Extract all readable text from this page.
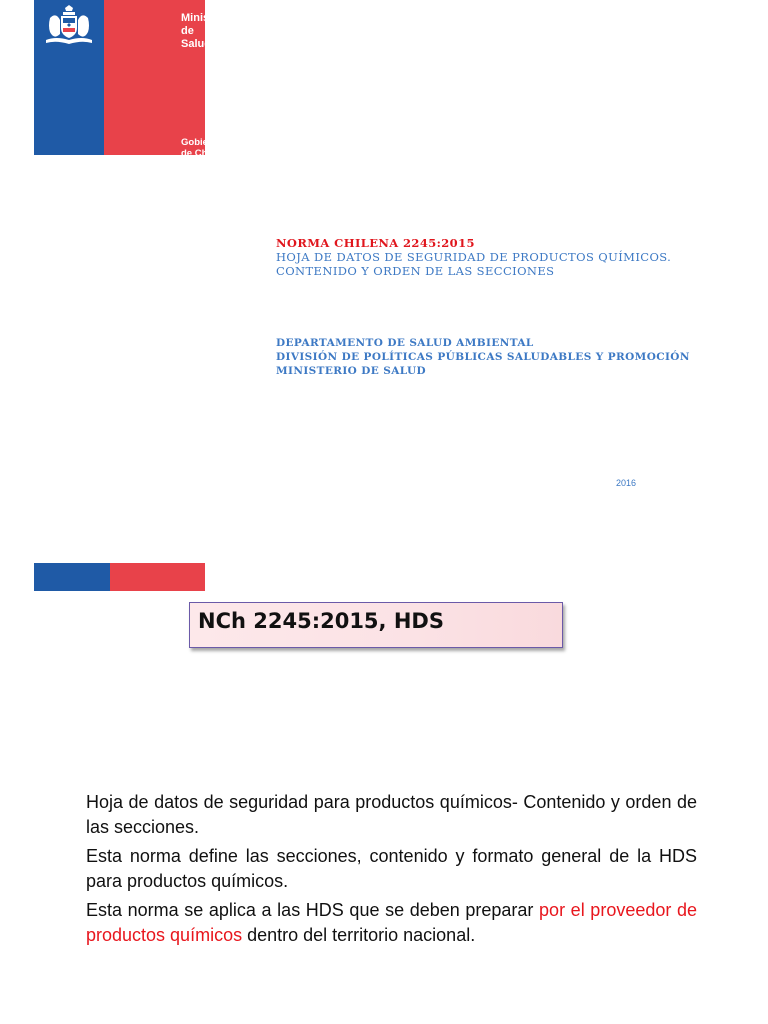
Ministerio de
Salud
Gobierno de Chile
NORMA CHILENA 2245:2015
HOJA DE DATOS DE SEGURIDAD DE PRODUCTOS QUÍMICOS.
CONTENIDO Y ORDEN DE LAS SECCIONES
DEPARTAMENTO DE SALUD AMBIENTAL
DIVISIÓN DE POLÍTICAS PÚBLICAS SALUDABLES Y PROMOCIÓN
MINISTERIO DE SALUD
2016
NCh 2245:2015, HDS

Hoja de datos de seguridad para productos químicos- Contenido y orden de las secciones.

Esta norma define las secciones, contenido y formato general de la HDS para productos químicos.

Esta norma se aplica a las HDS que se deben preparar por el proveedor de productos químicos dentro del territorio nacional.
